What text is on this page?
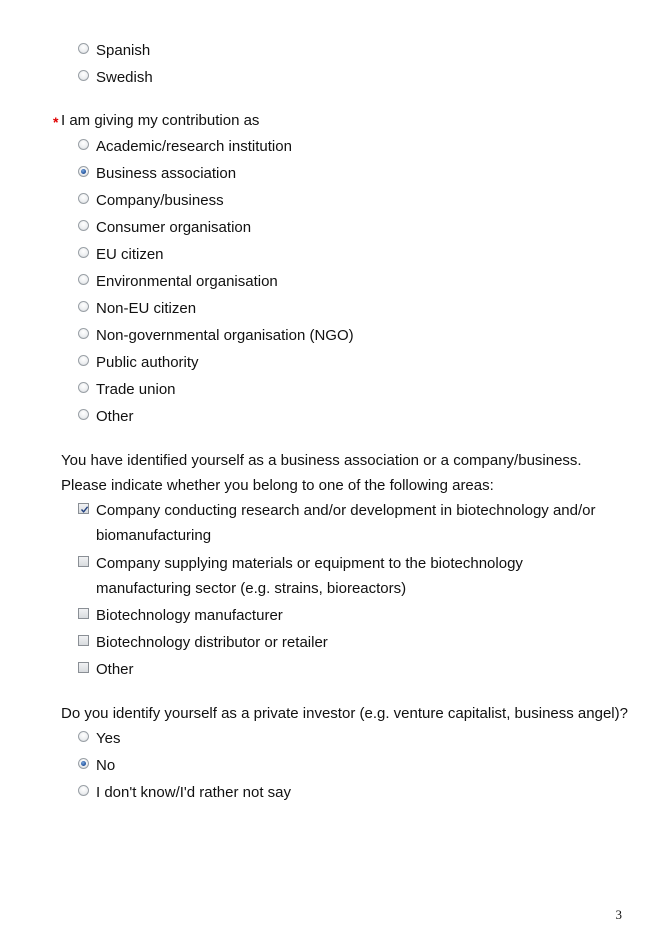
Spanish
Swedish
* I am giving my contribution as
Academic/research institution
Business association
Company/business
Consumer organisation
EU citizen
Environmental organisation
Non-EU citizen
Non-governmental organisation (NGO)
Public authority
Trade union
Other
You have identified yourself as a business association or a company/business.
Please indicate whether you belong to one of the following areas:
Company conducting research and/or development in biotechnology and/or biomanufacturing
Company supplying materials or equipment to the biotechnology manufacturing sector (e.g. strains, bioreactors)
Biotechnology manufacturer
Biotechnology distributor or retailer
Other
Do you identify yourself as a private investor (e.g. venture capitalist, business angel)?
Yes
No
I don't know/I'd rather not say
3
